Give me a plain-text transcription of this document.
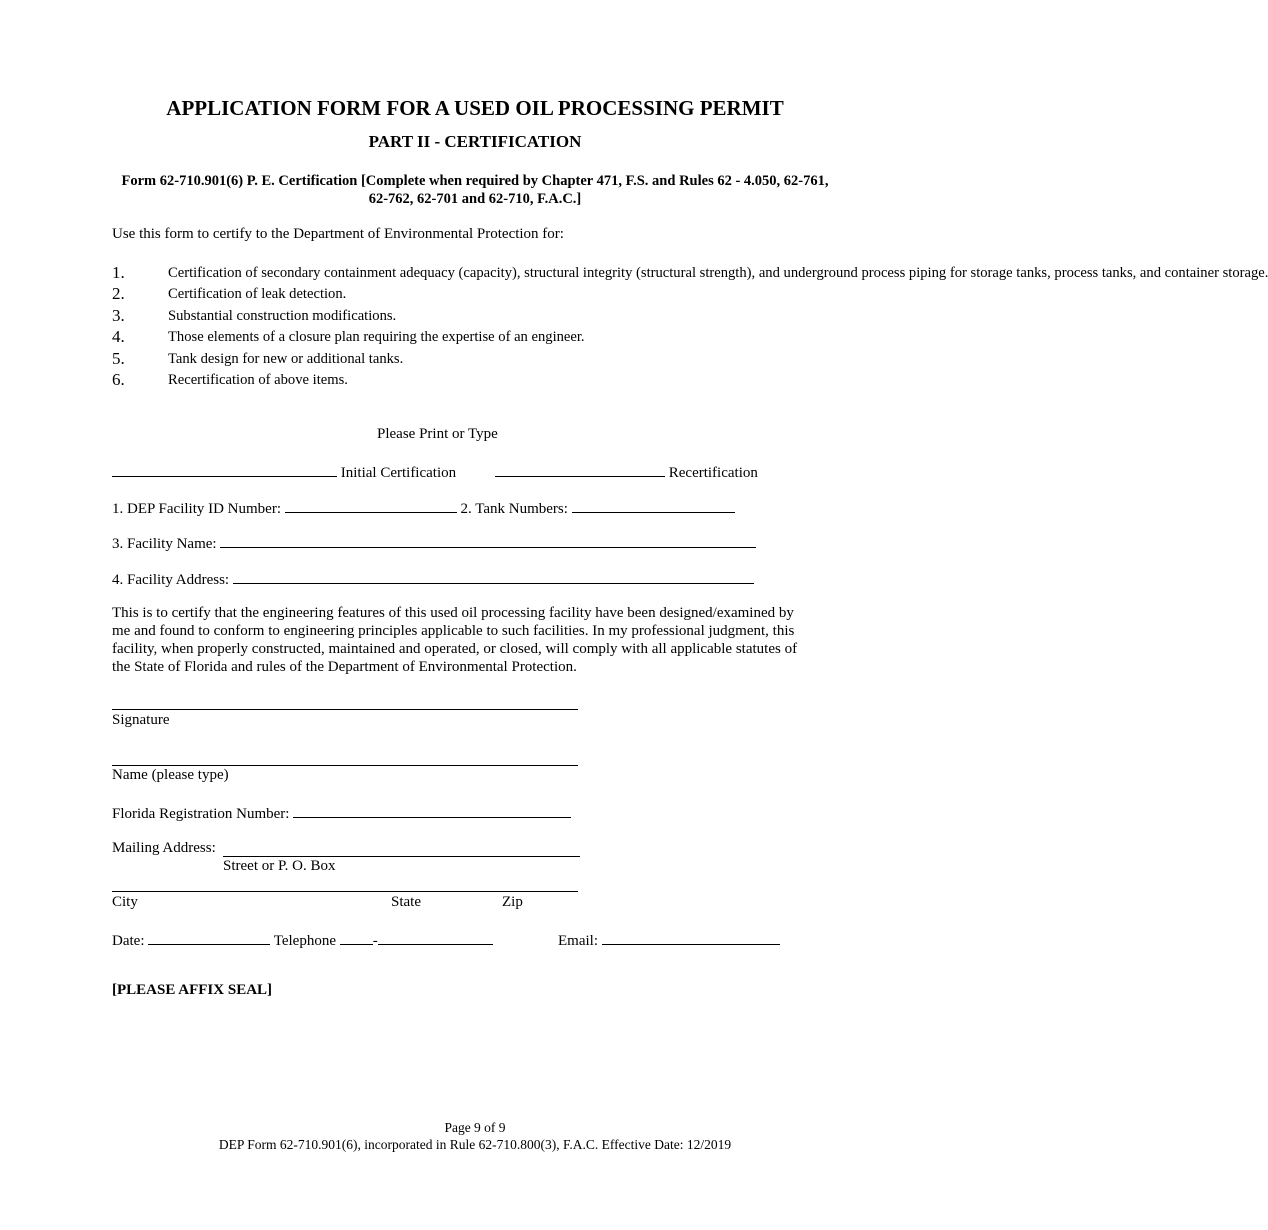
APPLICATION FORM FOR A USED OIL PROCESSING PERMIT
PART II - CERTIFICATION
Form 62-710.901(6) P. E. Certification [Complete when required by Chapter 471, F.S. and Rules 62 - 4.050, 62-761, 62-762, 62-701 and 62-710, F.A.C.]
Use this form to certify to the Department of Environmental Protection for:
1.	Certification of secondary containment adequacy (capacity), structural integrity (structural strength), and underground process piping for storage tanks, process tanks, and container storage.
2.	Certification of leak detection.
3.	Substantial construction modifications.
4.	Those elements of a closure plan requiring the expertise of an engineer.
5.	Tank design for new or additional tanks.
6.	Recertification of above items.
Please Print or Type
Initial Certification	Recertification
1. DEP Facility ID Number:	2. Tank Numbers:
3. Facility Name:
4. Facility Address:
This is to certify that the engineering features of this used oil processing facility have been designed/examined by me and found to conform to engineering principles applicable to such facilities. In my professional judgment, this facility, when properly constructed, maintained and operated, or closed, will comply with all applicable statutes of the State of Florida and rules of the Department of Environmental Protection.
Signature
Name (please type)
Florida Registration Number:
Mailing Address:
Street or P. O. Box
City	State	Zip
Date:	Telephone -	Email:
[PLEASE AFFIX SEAL]
Page 9 of 9
DEP Form 62-710.901(6), incorporated in Rule 62-710.800(3), F.A.C. Effective Date: 12/2019
